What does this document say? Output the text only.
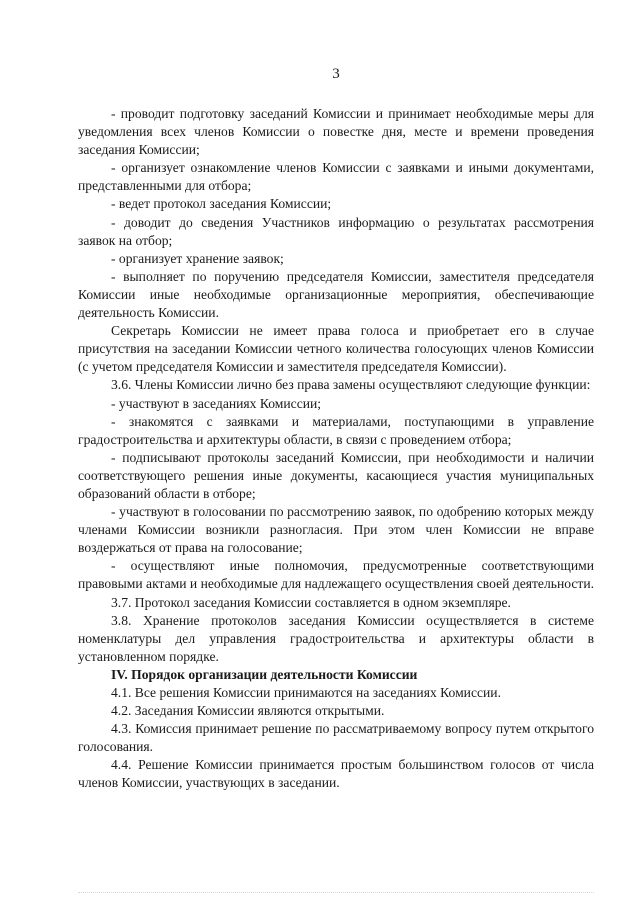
3

- проводит подготовку заседаний Комиссии и принимает необходимые меры для уведомления всех членов Комиссии о повестке дня, месте и времени проведения заседания Комиссии;

- организует ознакомление членов Комиссии с заявками и иными документами, представленными для отбора;

- ведет протокол заседания Комиссии;

- доводит до сведения Участников информацию о результатах рассмотрения заявок на отбор;

- организует хранение заявок;

- выполняет по поручению председателя Комиссии, заместителя председателя Комиссии иные необходимые организационные мероприятия, обеспечивающие деятельность Комиссии.

Секретарь Комиссии не имеет права голоса и приобретает его в случае присутствия на заседании Комиссии четного количества голосующих членов Комиссии (с учетом председателя Комиссии и заместителя председателя Комиссии).

3.6. Члены Комиссии лично без права замены осуществляют следующие функции:

- участвуют в заседаниях Комиссии;

- знакомятся с заявками и материалами, поступающими в управление градостроительства и архитектуры области, в связи с проведением отбора;

- подписывают протоколы заседаний Комиссии, при необходимости и наличии соответствующего решения иные документы, касающиеся участия муниципальных образований области в отборе;

- участвуют в голосовании по рассмотрению заявок, по одобрению которых между членами Комиссии возникли разногласия. При этом член Комиссии не вправе воздержаться от права на голосование;

- осуществляют иные полномочия, предусмотренные соответствующими правовыми актами и необходимые для надлежащего осуществления своей деятельности.

3.7. Протокол заседания Комиссии составляется в одном экземпляре.

3.8. Хранение протоколов заседания Комиссии осуществляется в системе номенклатуры дел управления градостроительства и архитектуры области в установленном порядке.

IV. Порядок организации деятельности Комиссии

4.1. Все решения Комиссии принимаются на заседаниях Комиссии.

4.2. Заседания Комиссии являются открытыми.

4.3. Комиссия принимает решение по рассматриваемому вопросу путем открытого голосования.

4.4. Решение Комиссии принимается простым большинством голосов от числа членов Комиссии, участвующих в заседании.
